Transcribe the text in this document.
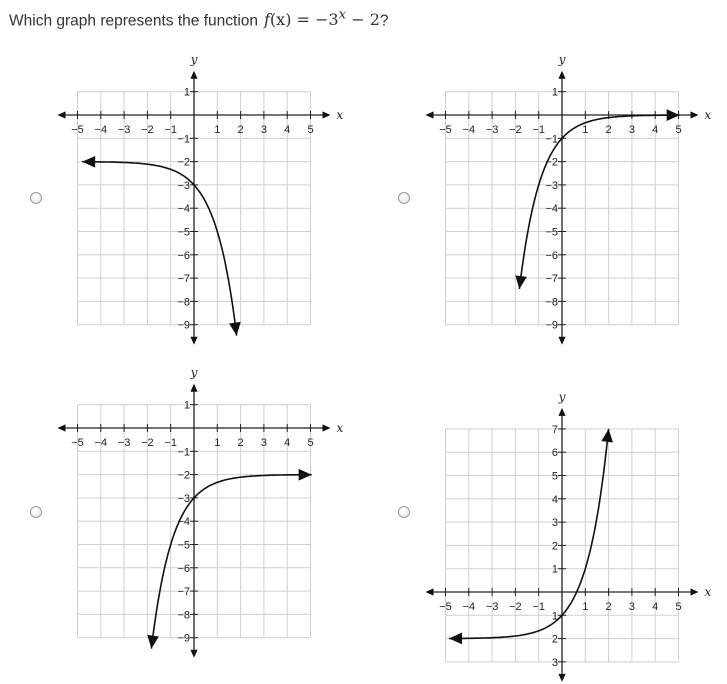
Which graph represents the function $f(x) = -3^x - 2$?
−5 −4 −3 −2 −1	1 2 3 4 5
1
−1
−2
−3
−4
−5
−6
−7
−8
−9
x
y
−5 −4 −3 −2 −1	1 2 3 4 5
1
−1
−2
−3
−4
−5
−6
−7
−8
−9
x
y
−5 −4 −3 −2 −1	1 2 3 4 5
1
−1
−2
−3
−4
−5
−6
−7
−8
−9
x
y
−5 −4 −3 −2 −1	1 2 3 4 5
7
6
5
4
3
2
1
1
2
3
x
y
